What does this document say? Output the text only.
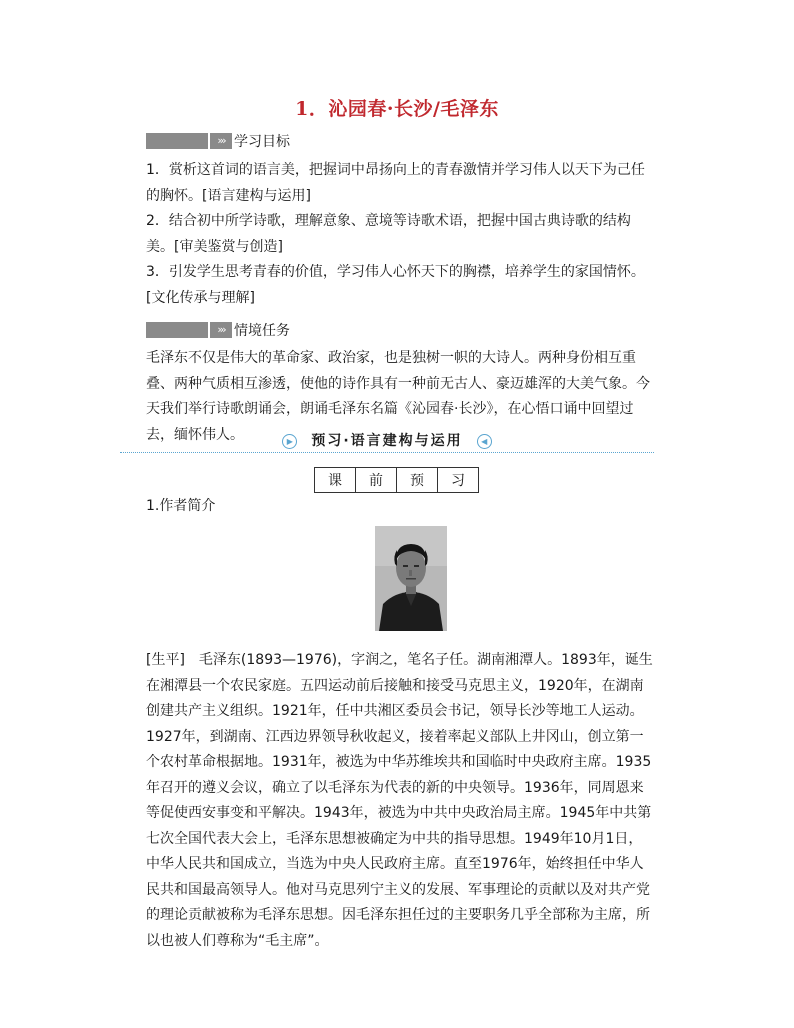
1．沁园春·长沙/毛泽东
››› 学习目标

1．赏析这首词的语言美，把握词中昂扬向上的青春激情并学习伟人以天下为己任的胸怀。[语言建构与运用]

2．结合初中所学诗歌，理解意象、意境等诗歌术语，把握中国古典诗歌的结构美。[审美鉴赏与创造]

3．引发学生思考青春的价值，学习伟人心怀天下的胸襟，培养学生的家国情怀。[文化传承与理解]

››› 情境任务

毛泽东不仅是伟大的革命家、政治家，也是独树一帜的大诗人。两种身份相互重叠、两种气质相互渗透，使他的诗作具有一种前无古人、豪迈雄浑的大美气象。今天我们举行诗歌朗诵会，朗诵毛泽东名篇《沁园春·长沙》，在心悟口诵中回望过去，缅怀伟人。	▶ 预习·语言建构与运用 ◀
课	前	预	习
1.作者简介

[生平]　毛泽东(1893—1976)，字润之，笔名子任。湖南湘潭人。1893年，诞生在湘潭县一个农民家庭。五四运动前后接触和接受马克思主义，1920年，在湖南创建共产主义组织。1921年，任中共湘区委员会书记，领导长沙等地工人运动。1927年，到湖南、江西边界领导秋收起义，接着率起义部队上井冈山，创立第一个农村革命根据地。1931年，被选为中华苏维埃共和国临时中央政府主席。1935年召开的遵义会议，确立了以毛泽东为代表的新的中央领导。1936年，同周恩来等促使西安事变和平解决。1943年，被选为中共中央政治局主席。1945年中共第七次全国代表大会上，毛泽东思想被确定为中共的指导思想。1949年10月1日，中华人民共和国成立，当选为中央人民政府主席。直至1976年，始终担任中华人民共和国最高领导人。他对马克思列宁主义的发展、军事理论的贡献以及对共产党的理论贡献被称为毛泽东思想。因毛泽东担任过的主要职务几乎全部称为主席，所以也被人们尊称为“毛主席”。
